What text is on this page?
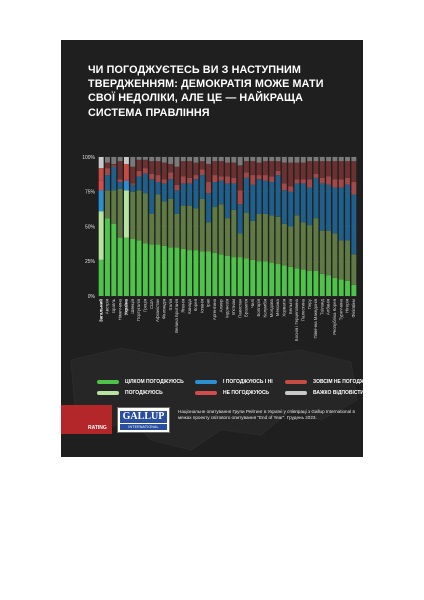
ЧИ ПОГОДЖУЄТЕСЬ ВИ З НАСТУПНИМ ТВЕРДЖЕННЯМ: ДЕМОКРАТІЯ МОЖЕ МАТИ СВОЇ НЕДОЛІКИ, АЛЕ ЦЕ — НАЙКРАЩА СИСТЕМА ПРАВЛІННЯ

0%
25%
50%
75%
100%
Загальний Австрія Ізраїль Німеччина Україна Швеція Португалія Греція США Афганістан Фінляндія Італія Велика Британія Японія Канада Корея Іспанія Ірак Аргентина Алжир Індонезія В'єтнам Пакистан Бразилія Чилі Болгарія Колумбія Молдова Мексика Хорватія Бельгія Боснія і Герцеговина Палестина Перу Північна Македонія Таїланд Албанія Республіка Корея Туреччина Нігерія Філіппіни
ЦІЛКОМ ПОГОДЖУЮСЬ
ПОГОДЖУЮСЬ
І ПОГОДЖУЮСЬ І НІ
НЕ ПОГОДЖУЮСЬ
ЗОВСІМ НЕ ПОГОДЖУЮСЬ
ВАЖКО ВІДПОВІСТИ
RATING
GALLUP
INTERNATIONAL

Національне опитування Групи Рейтинг в Україні у співпраці з Gallup International в межах проекту світового опитування "End of Year". Грудень 2023.
